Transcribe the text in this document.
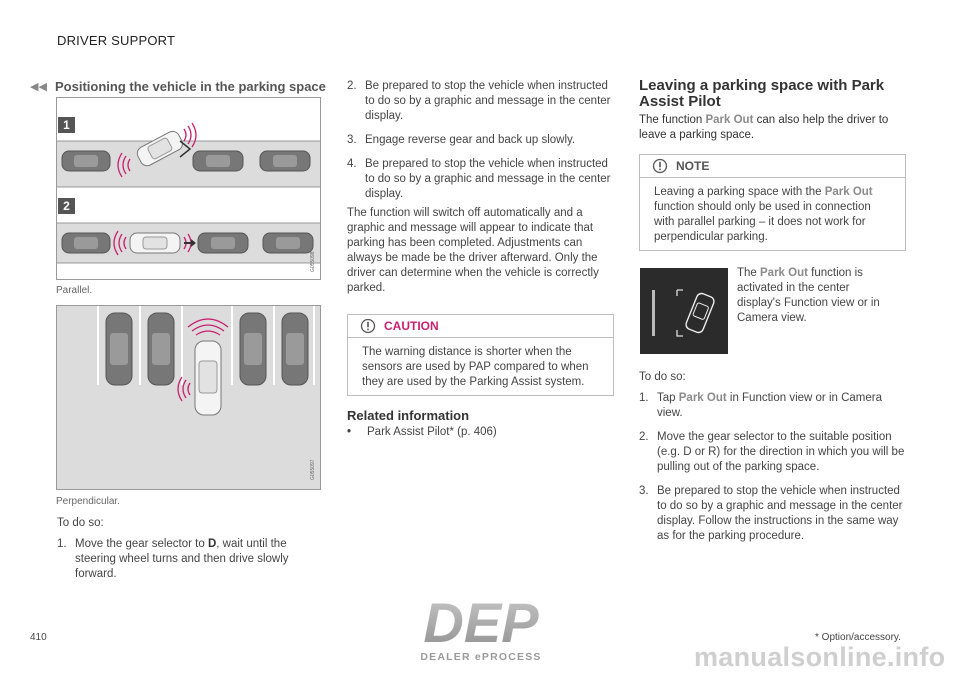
DRIVER SUPPORT
◀◀ Positioning the vehicle in the parking space
1
2
G055098
Parallel.
G055097
Perpendicular.
To do so:
1. Move the gear selector to D, wait until the steering wheel turns and then drive slowly forward.
2. Be prepared to stop the vehicle when instructed to do so by a graphic and message in the center display.
3. Engage reverse gear and back up slowly.
4. Be prepared to stop the vehicle when instructed to do so by a graphic and message in the center display.
The function will switch off automatically and a graphic and message will appear to indicate that parking has been completed. Adjustments can always be made be the driver afterward. Only the driver can determine when the vehicle is correctly parked.
CAUTION
The warning distance is shorter when the sensors are used by PAP compared to when they are used by the Parking Assist system.
Related information
• Park Assist Pilot* (p. 406)
Leaving a parking space with Park
Assist Pilot
The function Park Out can also help the driver to leave a parking space.
NOTE
Leaving a parking space with the Park Out function should only be used in connection with parallel parking – it does not work for perpendicular parking.
The Park Out function is activated in the center display's Function view or in Camera view.
To do so:
1. Tap Park Out in Function view or in Camera view.
2. Move the gear selector to the suitable position (e.g. D or R) for the direction in which you will be pulling out of the parking space.
3. Be prepared to stop the vehicle when instructed to do so by a graphic and message in the center display. Follow the instructions in the same way as for the parking procedure.
410	* Option/accessory.
DEP
DEALER ePROCESS	manualsonline.info
